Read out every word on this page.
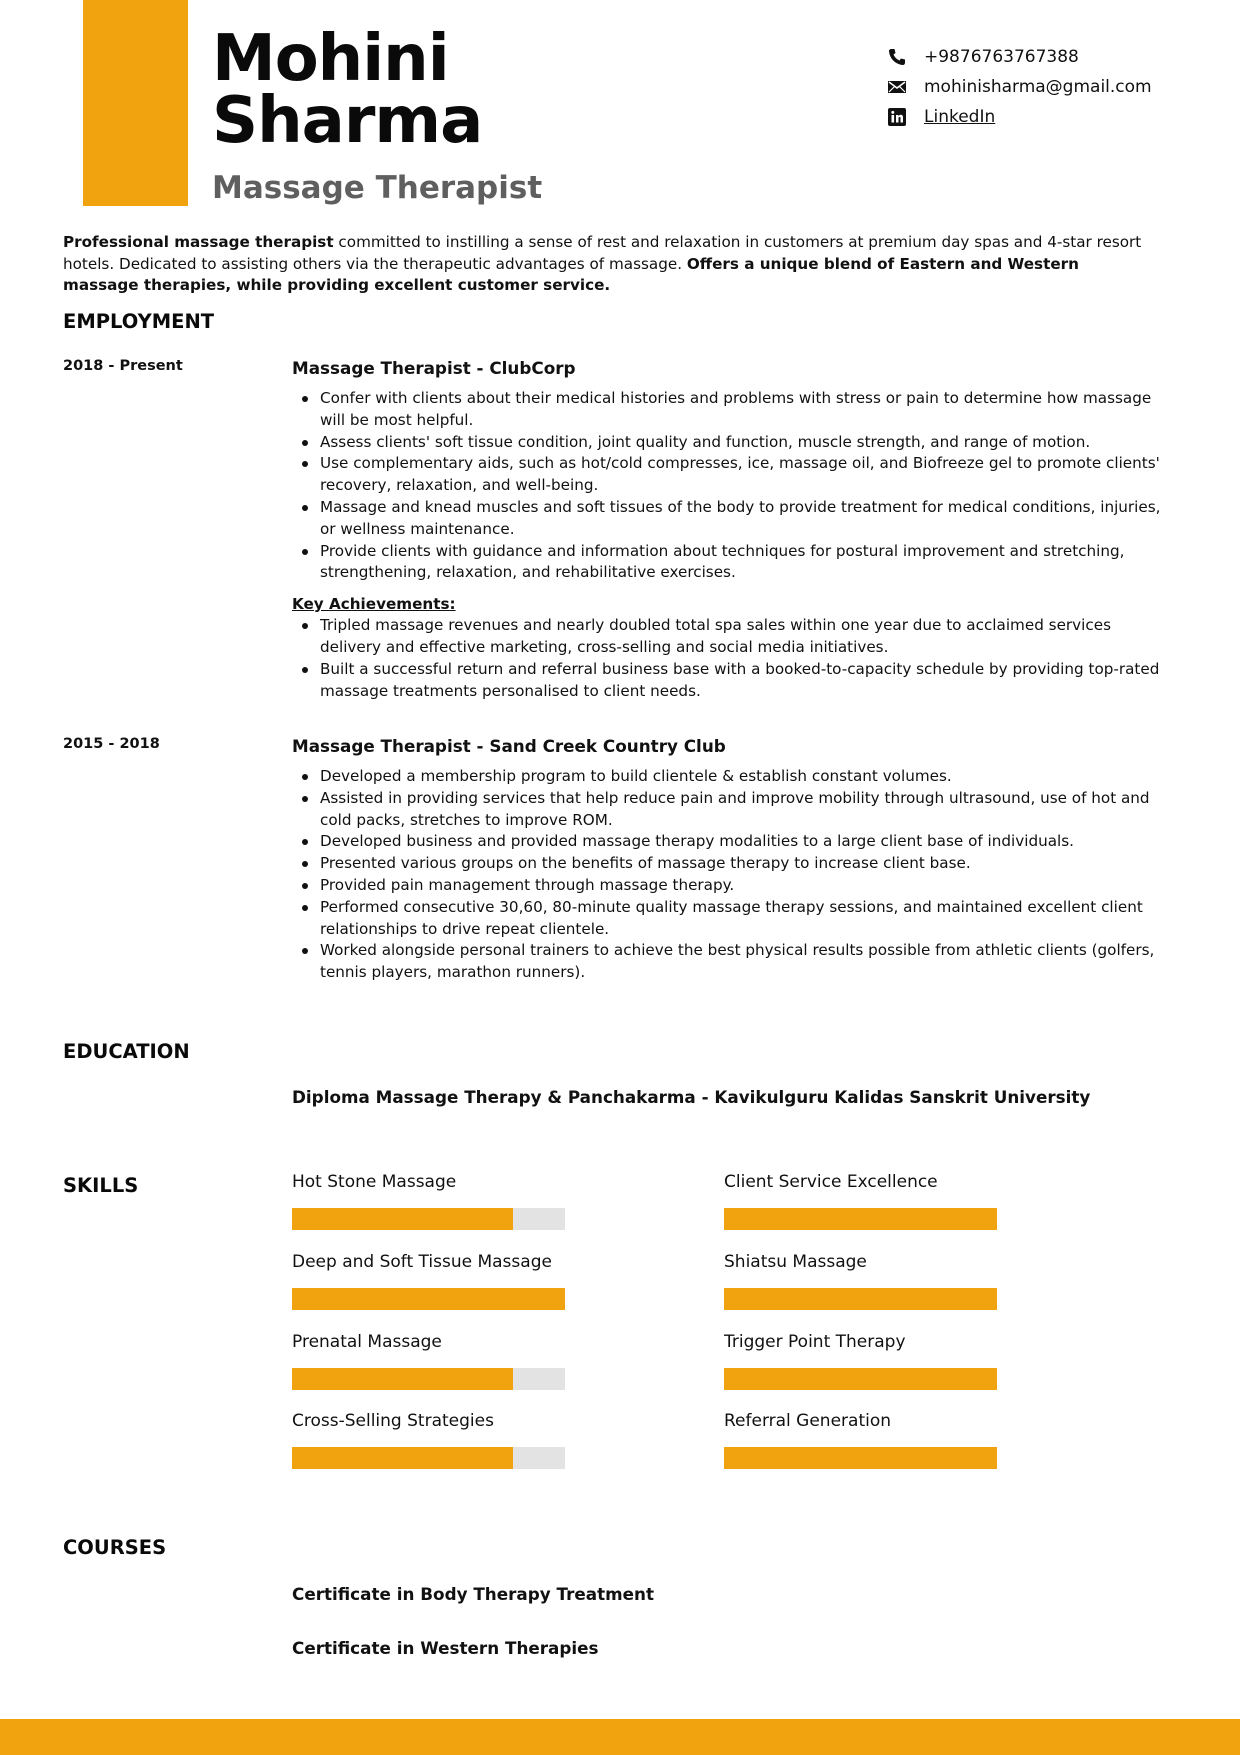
Mohini
Sharma
Massage Therapist
+9876763767388
mohinisharma@gmail.com
LinkedIn

Professional massage therapist committed to instilling a sense of rest and relaxation in customers at premium day spas and 4-star resort hotels. Dedicated to assisting others via the therapeutic advantages of massage. Offers a unique blend of Eastern and Western massage therapies, while providing excellent customer service.

EMPLOYMENT
2018 - Present	Massage Therapist - ClubCorp
Confer with clients about their medical histories and problems with stress or pain to determine how massage will be most helpful.
Assess clients' soft tissue condition, joint quality and function, muscle strength, and range of motion.
Use complementary aids, such as hot/cold compresses, ice, massage oil, and Biofreeze gel to promote clients' recovery, relaxation, and well-being.
Massage and knead muscles and soft tissues of the body to provide treatment for medical conditions, injuries, or wellness maintenance.
Provide clients with guidance and information about techniques for postural improvement and stretching, strengthening, relaxation, and rehabilitative exercises.
Key Achievements:
Tripled massage revenues and nearly doubled total spa sales within one year due to acclaimed services delivery and effective marketing, cross-selling and social media initiatives.
Built a successful return and referral business base with a booked-to-capacity schedule by providing top-rated massage treatments personalised to client needs.
2015 - 2018	Massage Therapist - Sand Creek Country Club
Developed a membership program to build clientele & establish constant volumes.
Assisted in providing services that help reduce pain and improve mobility through ultrasound, use of hot and cold packs, stretches to improve ROM.
Developed business and provided massage therapy modalities to a large client base of individuals.
Presented various groups on the benefits of massage therapy to increase client base.
Provided pain management through massage therapy.
Performed consecutive 30,60, 80-minute quality massage therapy sessions, and maintained excellent client relationships to drive repeat clientele.
Worked alongside personal trainers to achieve the best physical results possible from athletic clients (golfers, tennis players, marathon runners).
EDUCATION
Diploma Massage Therapy & Panchakarma - Kavikulguru Kalidas Sanskrit University
SKILLS	Hot Stone Massage	Client Service Excellence
Deep and Soft Tissue Massage	Shiatsu Massage
Prenatal Massage	Trigger Point Therapy
Cross-Selling Strategies	Referral Generation
COURSES
Certificate in Body Therapy Treatment
Certificate in Western Therapies
